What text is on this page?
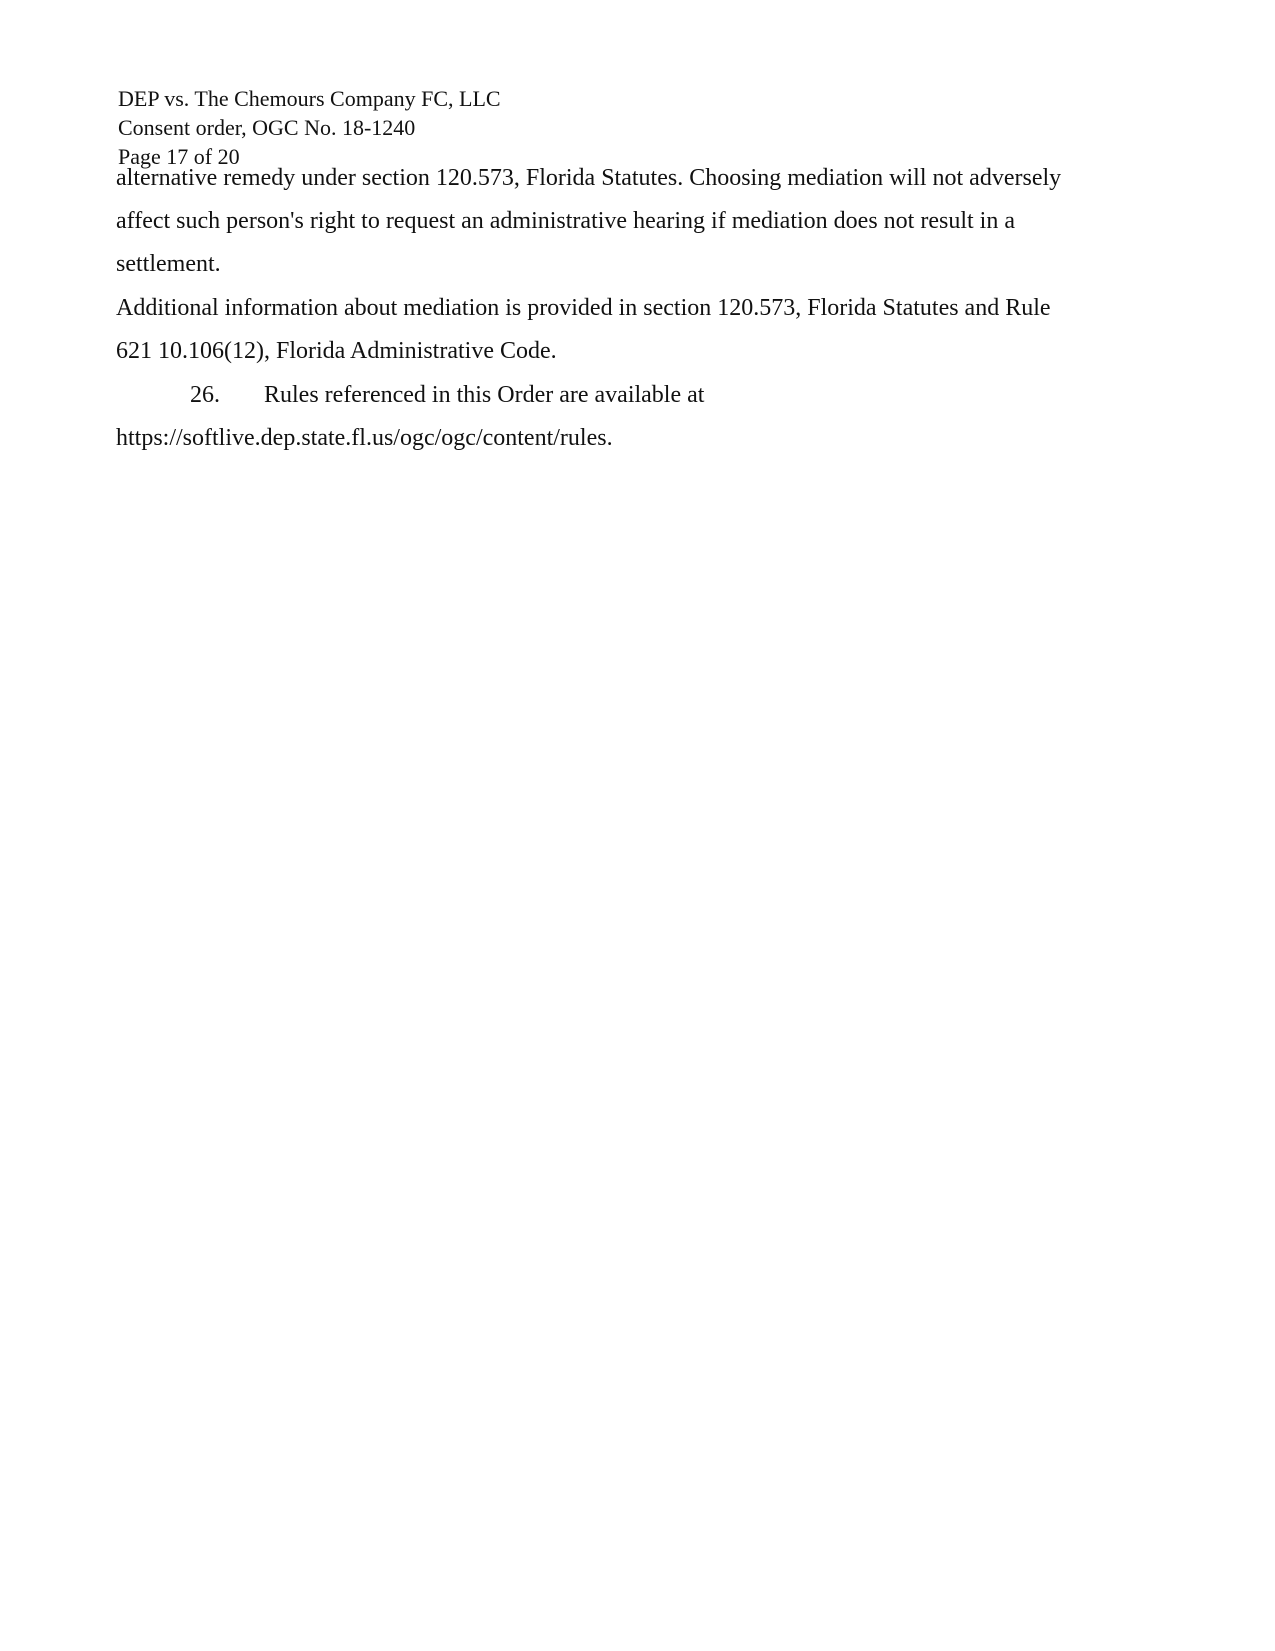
DEP vs. The Chemours Company FC, LLC
Consent order, OGC No. 18-1240
Page 17 of 20
alternative remedy under section 120.573, Florida Statutes. Choosing mediation will not adversely
affect such person's right to request an administrative hearing if mediation does not result in a
settlement.
Additional information about mediation is provided in section 120.573, Florida Statutes and Rule
621 10.106(12), Florida Administrative Code.
26. Rules referenced in this Order are available at
https://softlive.dep.state.fl.us/ogc/ogc/content/rules.
